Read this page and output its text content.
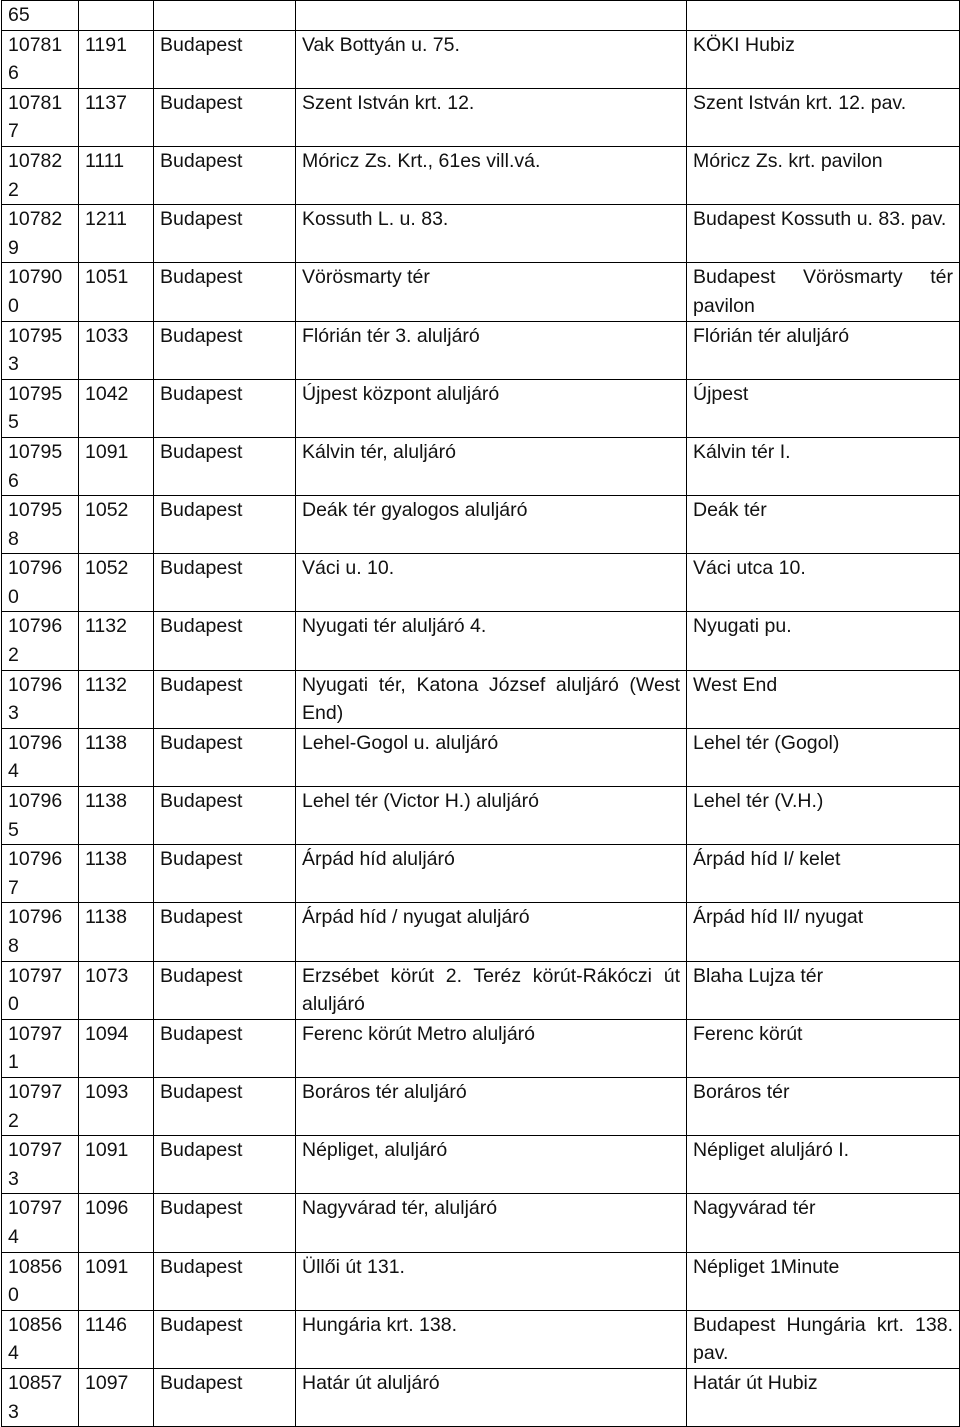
65				
107816	1191	Budapest	Vak Bottyán u. 75.	KÖKI Hubiz
107817	1137	Budapest	Szent István krt. 12.	Szent István krt. 12. pav.
107822	1111	Budapest	Móricz Zs. Krt., 61es vill.vá.	Móricz Zs. krt. pavilon
107829	1211	Budapest	Kossuth L. u. 83.	Budapest Kossuth u. 83. pav.
107900	1051	Budapest	Vörösmarty tér	Budapest Vörösmarty tér pavilon
107953	1033	Budapest	Flórián tér 3. aluljáró	Flórián tér aluljáró
107955	1042	Budapest	Újpest központ aluljáró	Újpest
107956	1091	Budapest	Kálvin tér, aluljáró	Kálvin tér I.
107958	1052	Budapest	Deák tér gyalogos aluljáró	Deák tér
107960	1052	Budapest	Váci u. 10.	Váci utca 10.
107962	1132	Budapest	Nyugati tér aluljáró 4.	Nyugati pu.
107963	1132	Budapest	Nyugati tér, Katona József aluljáró (West End)	West End
107964	1138	Budapest	Lehel-Gogol u. aluljáró	Lehel tér (Gogol)
107965	1138	Budapest	Lehel tér (Victor H.) aluljáró	Lehel tér (V.H.)
107967	1138	Budapest	Árpád híd aluljáró	Árpád híd I/ kelet
107968	1138	Budapest	Árpád híd / nyugat aluljáró	Árpád híd II/ nyugat
107970	1073	Budapest	Erzsébet körút 2. Teréz körút-Rákóczi út aluljáró	Blaha Lujza tér
107971	1094	Budapest	Ferenc körút Metro aluljáró	Ferenc körút
107972	1093	Budapest	Boráros tér aluljáró	Boráros tér
107973	1091	Budapest	Népliget, aluljáró	Népliget aluljáró I.
107974	1096	Budapest	Nagyvárad tér, aluljáró	Nagyvárad tér
108560	1091	Budapest	Üllői út 131.	Népliget 1Minute
108564	1146	Budapest	Hungária krt. 138.	Budapest Hungária krt. 138. pav.
108573	1097	Budapest	Határ út aluljáró	Határ út Hubiz
